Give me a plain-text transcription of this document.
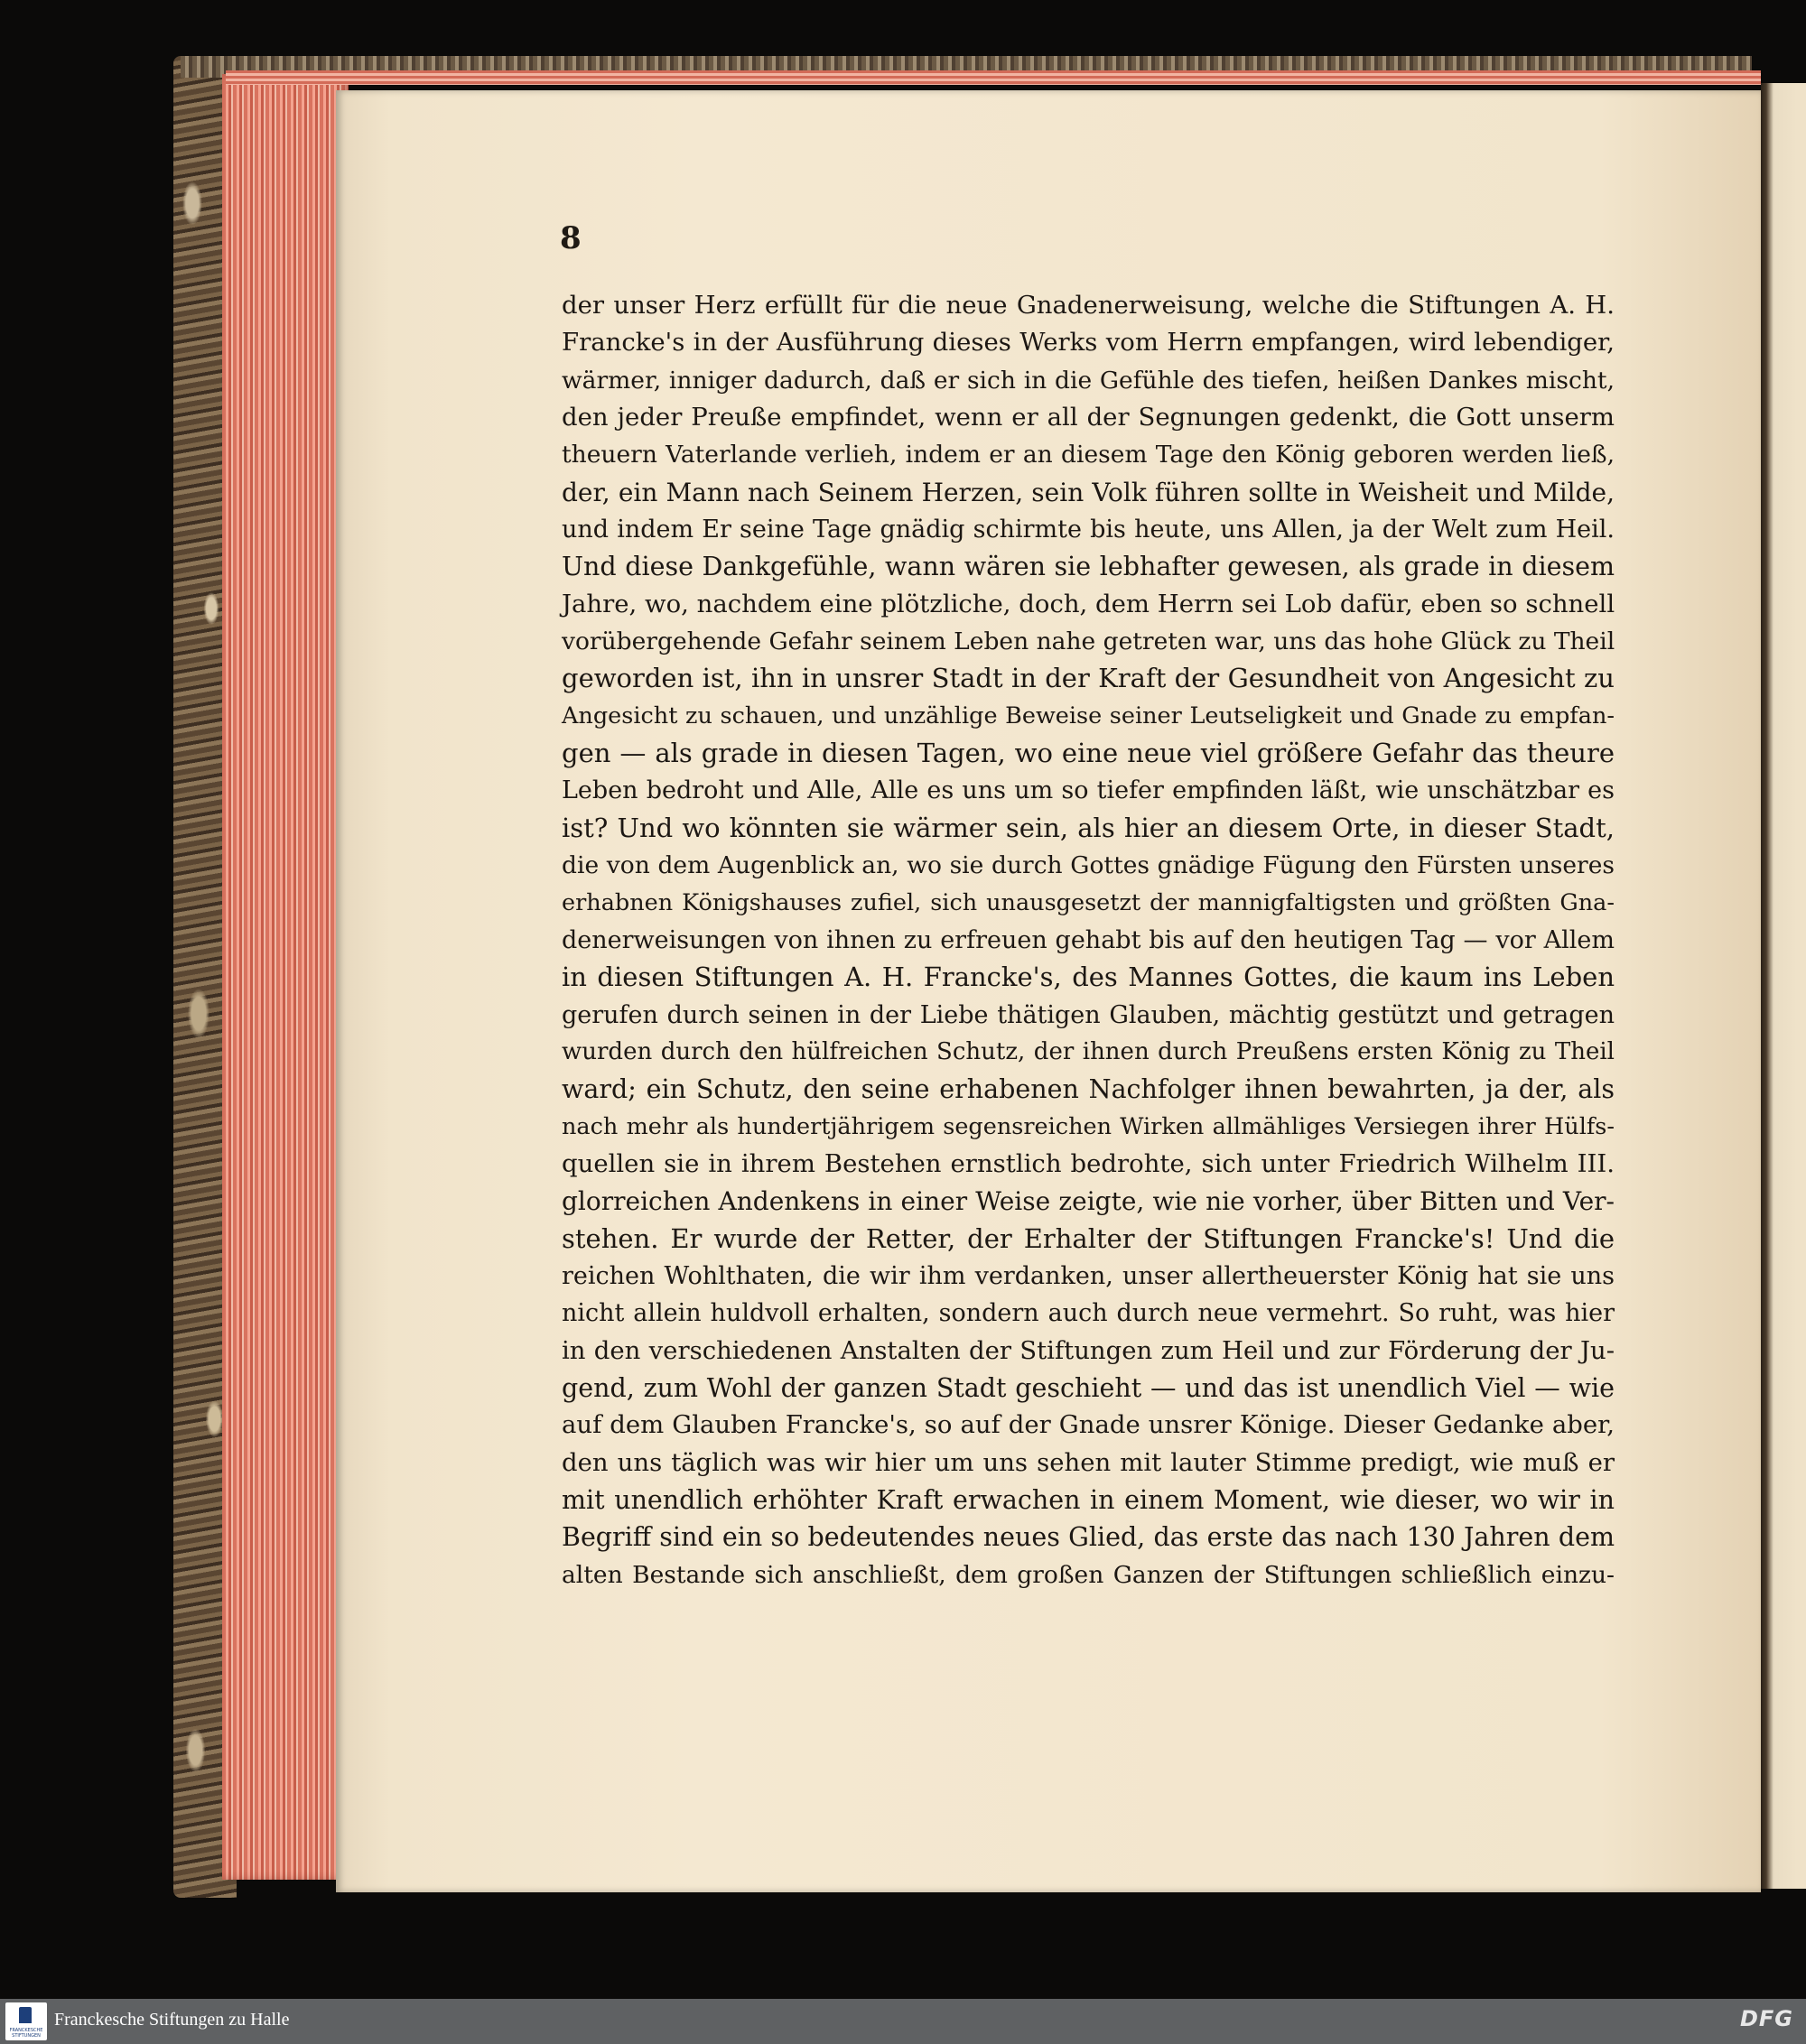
8
der unser Herz erfüllt für die neue Gnadenerweisung, welche die Stiftungen A. H.
Francke's in der Ausführung dieses Werks vom Herrn empfangen, wird lebendiger,
wärmer, inniger dadurch, daß er sich in die Gefühle des tiefen, heißen Dankes mischt,
den jeder Preuße empfindet, wenn er all der Segnungen gedenkt, die Gott unserm
theuern Vaterlande verlieh, indem er an diesem Tage den König geboren werden ließ,
der, ein Mann nach Seinem Herzen, sein Volk führen sollte in Weisheit und Milde,
und indem Er seine Tage gnädig schirmte bis heute, uns Allen, ja der Welt zum Heil.
Und diese Dankgefühle, wann wären sie lebhafter gewesen, als grade in diesem
Jahre, wo, nachdem eine plötzliche, doch, dem Herrn sei Lob dafür, eben so schnell
vorübergehende Gefahr seinem Leben nahe getreten war, uns das hohe Glück zu Theil
geworden ist, ihn in unsrer Stadt in der Kraft der Gesundheit von Angesicht zu
Angesicht zu schauen, und unzählige Beweise seiner Leutseligkeit und Gnade zu empfan-
gen — als grade in diesen Tagen, wo eine neue viel größere Gefahr das theure
Leben bedroht und Alle, Alle es uns um so tiefer empfinden läßt, wie unschätzbar es
ist? Und wo könnten sie wärmer sein, als hier an diesem Orte, in dieser Stadt,
die von dem Augenblick an, wo sie durch Gottes gnädige Fügung den Fürsten unseres
erhabnen Königshauses zufiel, sich unausgesetzt der mannigfaltigsten und größten Gna-
denerweisungen von ihnen zu erfreuen gehabt bis auf den heutigen Tag — vor Allem
in diesen Stiftungen A. H. Francke's, des Mannes Gottes, die kaum ins Leben
gerufen durch seinen in der Liebe thätigen Glauben, mächtig gestützt und getragen
wurden durch den hülfreichen Schutz, der ihnen durch Preußens ersten König zu Theil
ward; ein Schutz, den seine erhabenen Nachfolger ihnen bewahrten, ja der, als
nach mehr als hundertjährigem segensreichen Wirken allmähliges Versiegen ihrer Hülfs-
quellen sie in ihrem Bestehen ernstlich bedrohte, sich unter Friedrich Wilhelm III.
glorreichen Andenkens in einer Weise zeigte, wie nie vorher, über Bitten und Ver-
stehen. Er wurde der Retter, der Erhalter der Stiftungen Francke's! Und die
reichen Wohlthaten, die wir ihm verdanken, unser allertheuerster König hat sie uns
nicht allein huldvoll erhalten, sondern auch durch neue vermehrt. So ruht, was hier
in den verschiedenen Anstalten der Stiftungen zum Heil und zur Förderung der Ju-
gend, zum Wohl der ganzen Stadt geschieht — und das ist unendlich Viel — wie
auf dem Glauben Francke's, so auf der Gnade unsrer Könige. Dieser Gedanke aber,
den uns täglich was wir hier um uns sehen mit lauter Stimme predigt, wie muß er
mit unendlich erhöhter Kraft erwachen in einem Moment, wie dieser, wo wir in
Begriff sind ein so bedeutendes neues Glied, das erste das nach 130 Jahren dem
alten Bestande sich anschließt, dem großen Ganzen der Stiftungen schließlich einzu-
FRANCKESCHE STIFTUNGEN
Franckesche Stiftungen zu Halle	DFG
